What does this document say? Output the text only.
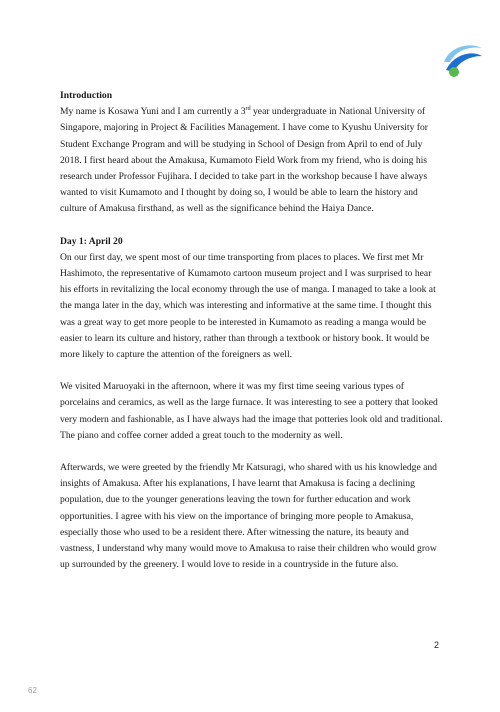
Introduction

My name is Kosawa Yuni and I am currently a 3rd year undergraduate in National University of Singapore, majoring in Project & Facilities Management. I have come to Kyushu University for Student Exchange Program and will be studying in School of Design from April to end of July 2018. I first heard about the Amakusa, Kumamoto Field Work from my friend, who is doing his research under Professor Fujihara. I decided to take part in the workshop because I have always wanted to visit Kumamoto and I thought by doing so, I would be able to learn the history and culture of Amakusa firsthand, as well as the significance behind the Haiya Dance.

Day 1: April 20

On our first day, we spent most of our time transporting from places to places. We first met Mr Hashimoto, the representative of Kumamoto cartoon museum project and I was surprised to hear his efforts in revitalizing the local economy through the use of manga. I managed to take a look at the manga later in the day, which was interesting and informative at the same time. I thought this was a great way to get more people to be interested in Kumamoto as reading a manga would be easier to learn its culture and history, rather than through a textbook or history book. It would be more likely to capture the attention of the foreigners as well.

We visited Maruoyaki in the afternoon, where it was my first time seeing various types of porcelains and ceramics, as well as the large furnace. It was interesting to see a pottery that looked very modern and fashionable, as I have always had the image that potteries look old and traditional. The piano and coffee corner added a great touch to the modernity as well.

Afterwards, we were greeted by the friendly Mr Katsuragi, who shared with us his knowledge and insights of Amakusa. After his explanations, I have learnt that Amakusa is facing a declining population, due to the younger generations leaving the town for further education and work opportunities. I agree with his view on the importance of bringing more people to Amakusa, especially those who used to be a resident there. After witnessing the nature, its beauty and vastness, I understand why many would move to Amakusa to raise their children who would grow up surrounded by the greenery. I would love to reside in a countryside in the future also.

2
62
